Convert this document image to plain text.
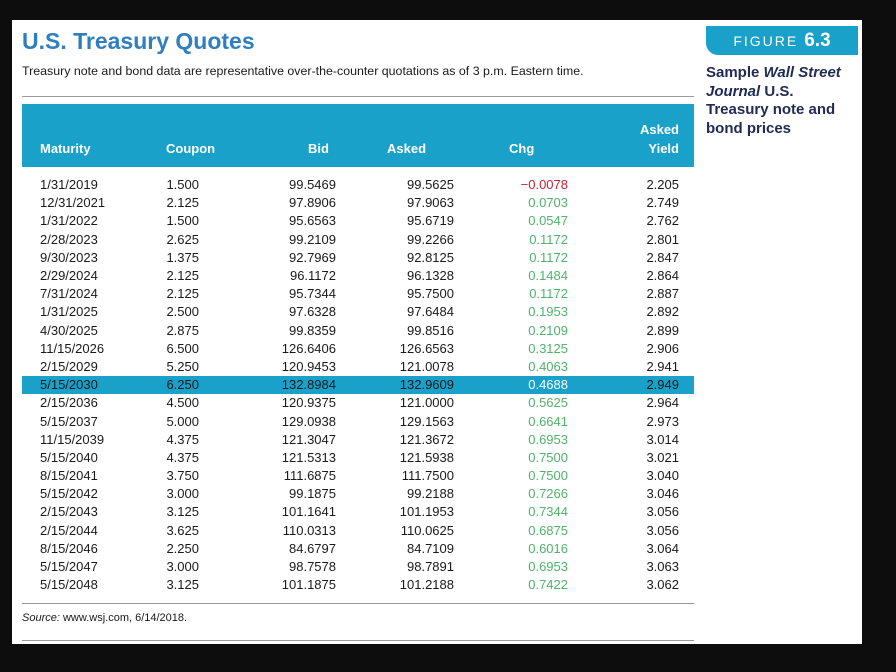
U.S. Treasury Quotes
Treasury note and bond data are representative over-the-counter quotations as of 3 p.m. Eastern time.
Maturity	Coupon	Bid	Asked	Chg	Asked
Yield

1/31/2019	1.500	99.5469	99.5625	−0.0078	2.205
12/31/2021	2.125	97.8906	97.9063	0.0703	2.749
1/31/2022	1.500	95.6563	95.6719	0.0547	2.762
2/28/2023	2.625	99.2109	99.2266	0.1172	2.801
9/30/2023	1.375	92.7969	92.8125	0.1172	2.847
2/29/2024	2.125	96.1172	96.1328	0.1484	2.864
7/31/2024	2.125	95.7344	95.7500	0.1172	2.887
1/31/2025	2.500	97.6328	97.6484	0.1953	2.892
4/30/2025	2.875	99.8359	99.8516	0.2109	2.899
11/15/2026	6.500	126.6406	126.6563	0.3125	2.906
2/15/2029	5.250	120.9453	121.0078	0.4063	2.941
5/15/2030	6.250	132.8984	132.9609	0.4688	2.949
2/15/2036	4.500	120.9375	121.0000	0.5625	2.964
5/15/2037	5.000	129.0938	129.1563	0.6641	2.973
11/15/2039	4.375	121.3047	121.3672	0.6953	3.014
5/15/2040	4.375	121.5313	121.5938	0.7500	3.021
8/15/2041	3.750	111.6875	111.7500	0.7500	3.040
5/15/2042	3.000	99.1875	99.2188	0.7266	3.046
2/15/2043	3.125	101.1641	101.1953	0.7344	3.056
2/15/2044	3.625	110.0313	110.0625	0.6875	3.056
8/15/2046	2.250	84.6797	84.7109	0.6016	3.064
5/15/2047	3.000	98.7578	98.7891	0.6953	3.063
5/15/2048	3.125	101.1875	101.2188	0.7422	3.062
Source: www.wsj.com, 6/14/2018.
FIGURE 6.3
Sample Wall Street Journal U.S. Treasury note and bond prices
